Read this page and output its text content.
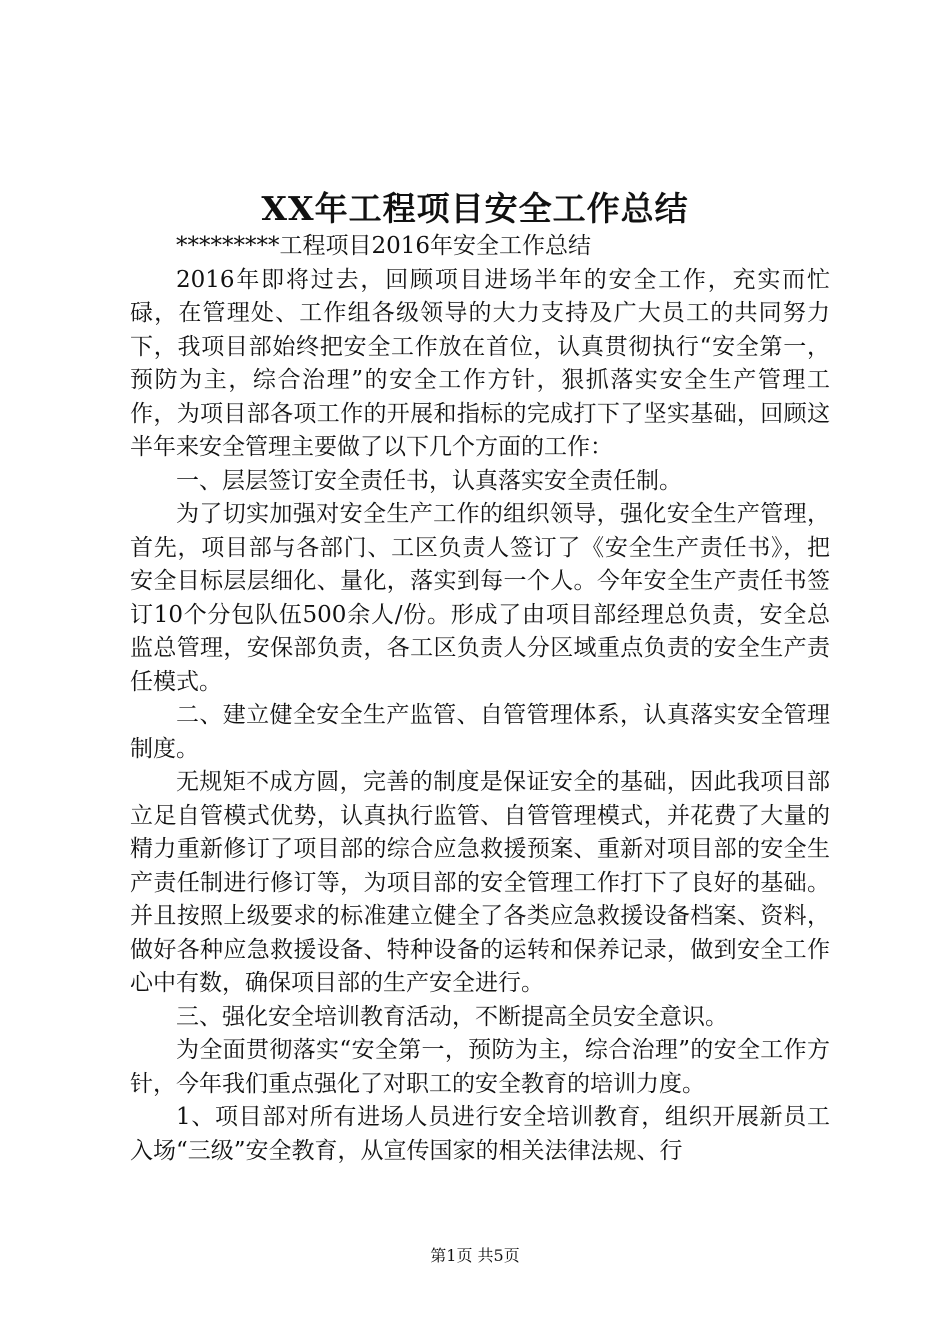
XX年工程项目安全工作总结

*********工程项目2016年安全工作总结

2016年即将过去，回顾项目进场半年的安全工作，充实而忙碌，在管理处、工作组各级领导的大力支持及广大员工的共同努力下，我项目部始终把安全工作放在首位，认真贯彻执行“安全第一，预防为主，综合治理”的安全工作方针，狠抓落实安全生产管理工作，为项目部各项工作的开展和指标的完成打下了坚实基础，回顾这半年来安全管理主要做了以下几个方面的工作：

一、层层签订安全责任书，认真落实安全责任制。

为了切实加强对安全生产工作的组织领导，强化安全生产管理，首先，项目部与各部门、工区负责人签订了《安全生产责任书》，把安全目标层层细化、量化，落实到每一个人。今年安全生产责任书签订10个分包队伍500余人/份。形成了由项目部经理总负责，安全总监总管理，安保部负责，各工区负责人分区域重点负责的安全生产责任模式。

二、建立健全安全生产监管、自管管理体系，认真落实安全管理制度。

无规矩不成方圆，完善的制度是保证安全的基础，因此我项目部立足自管模式优势，认真执行监管、自管管理模式，并花费了大量的精力重新修订了项目部的综合应急救援预案、重新对项目部的安全生产责任制进行修订等，为项目部的安全管理工作打下了良好的基础。并且按照上级要求的标准建立健全了各类应急救援设备档案、资料，做好各种应急救援设备、特种设备的运转和保养记录，做到安全工作心中有数，确保项目部的生产安全进行。

三、强化安全培训教育活动，不断提高全员安全意识。

为全面贯彻落实“安全第一，预防为主，综合治理”的安全工作方针，今年我们重点强化了对职工的安全教育的培训力度。

1、项目部对所有进场人员进行安全培训教育，组织开展新员工入场“三级”安全教育，从宣传国家的相关法律法规、行

第1页 共5页
